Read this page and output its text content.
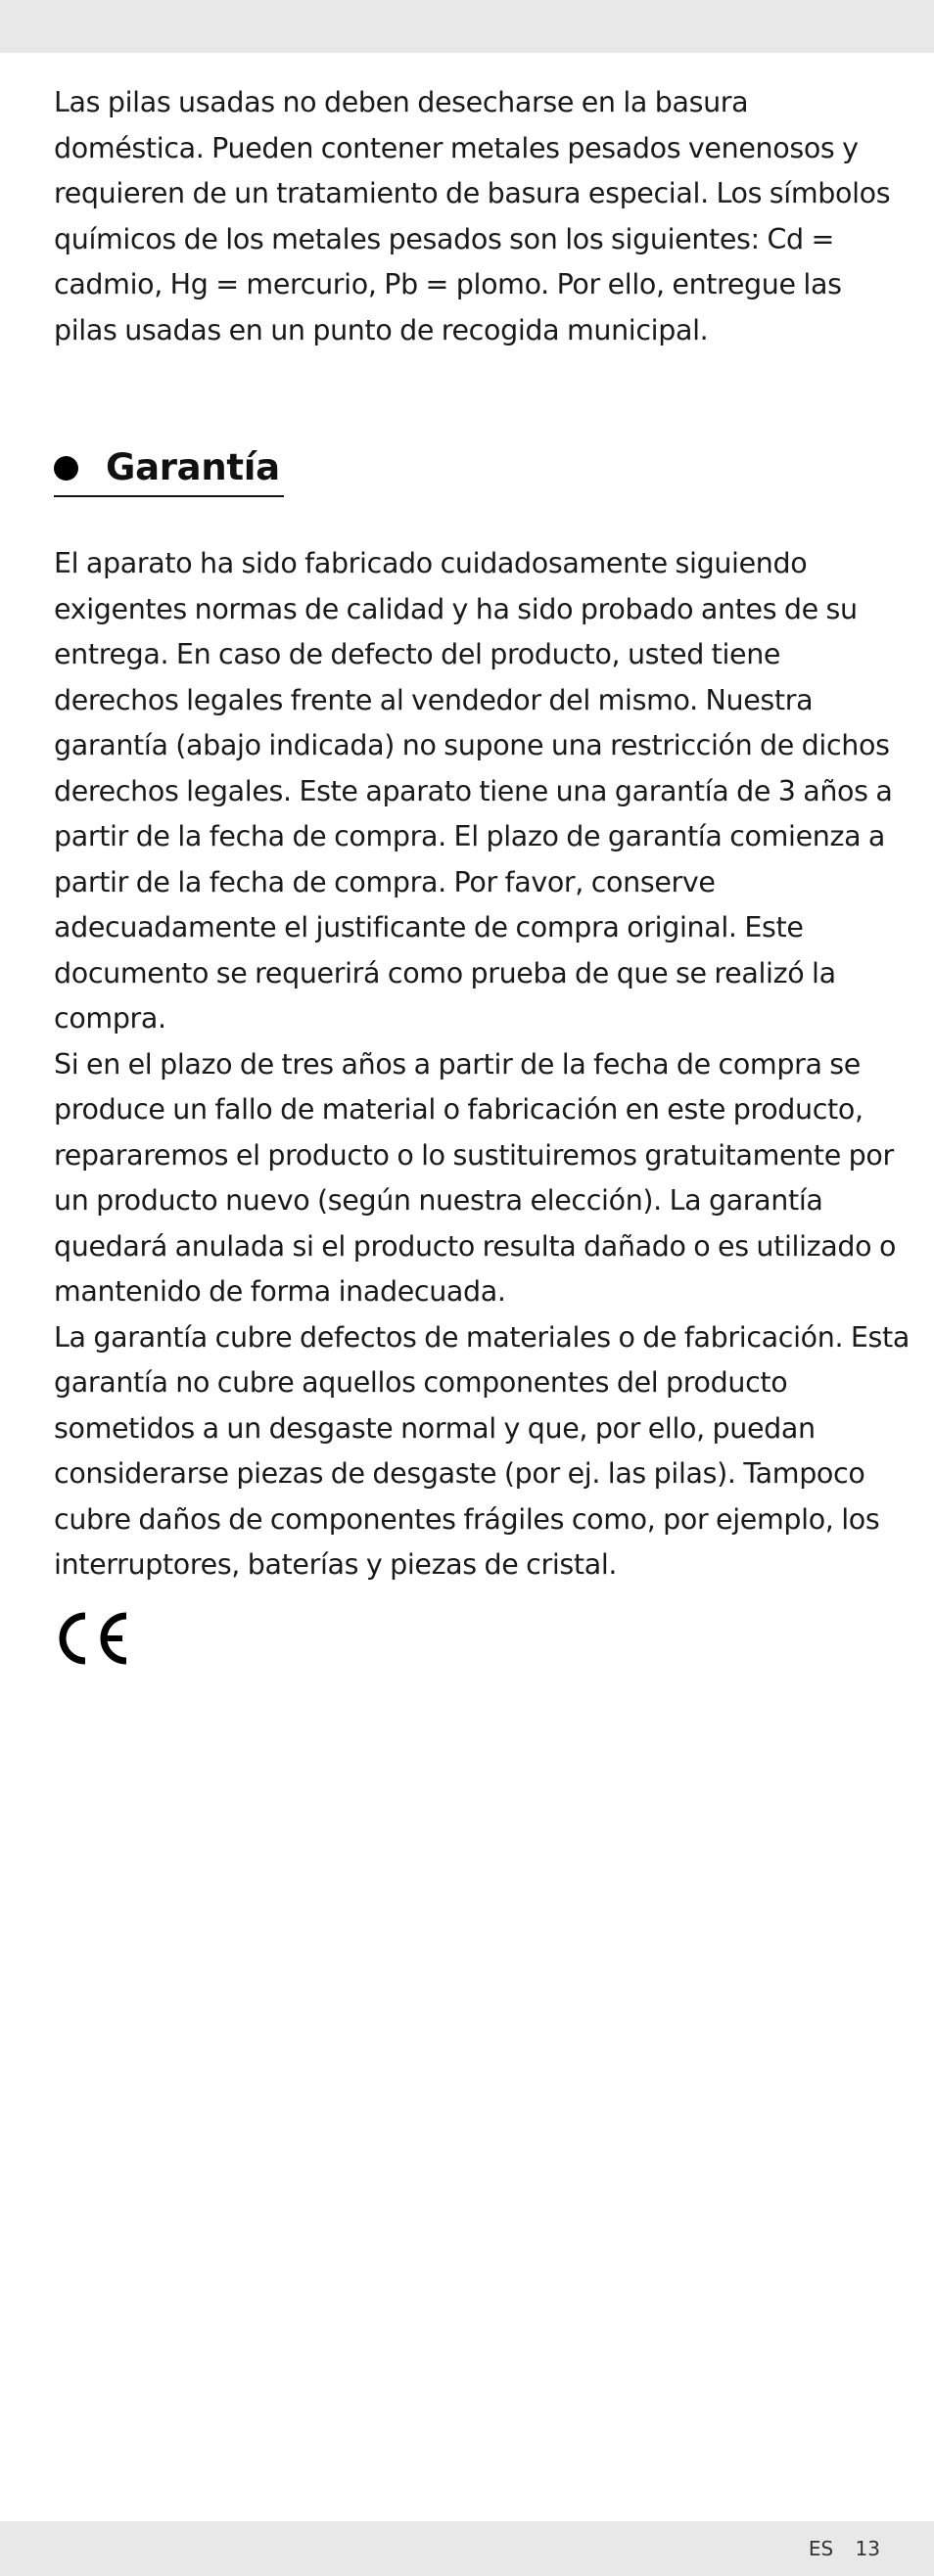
Las pilas usadas no deben desecharse en la basura doméstica. Pueden contener metales pesados venenosos y requieren de un tratamiento de basura especial. Los símbolos químicos de los metales pesados son los siguientes: Cd = cadmio, Hg = mercurio, Pb = plomo. Por ello, entregue las pilas usadas en un punto de recogida municipal.

Garantía

El aparato ha sido fabricado cuidadosamente siguiendo exigentes normas de calidad y ha sido probado antes de su entrega. En caso de defecto del producto, usted tiene derechos legales frente al vendedor del mismo. Nuestra garantía (abajo indicada) no supone una restricción de dichos derechos legales. Este aparato tiene una garantía de 3 años a partir de la fecha de compra. El plazo de garantía comienza a partir de la fecha de compra. Por favor, conserve adecuadamente el justificante de compra original. Este documento se requerirá como prueba de que se realizó la compra.

Si en el plazo de tres años a partir de la fecha de compra se produce un fallo de material o fabricación en este producto, repararemos el producto o lo sustituiremos gratuitamente por un producto nuevo (según nuestra elección). La garantía quedará anulada si el producto resulta dañado o es utilizado o mantenido de forma inadecuada.

La garantía cubre defectos de materiales o de fabricación. Esta garantía no cubre aquellos componentes del producto sometidos a un desgaste normal y que, por ello, puedan considerarse piezas de desgaste (por ej. las pilas). Tampoco cubre daños de componentes frágiles como, por ejemplo, los interruptores, baterías y piezas de cristal.

ES 13
